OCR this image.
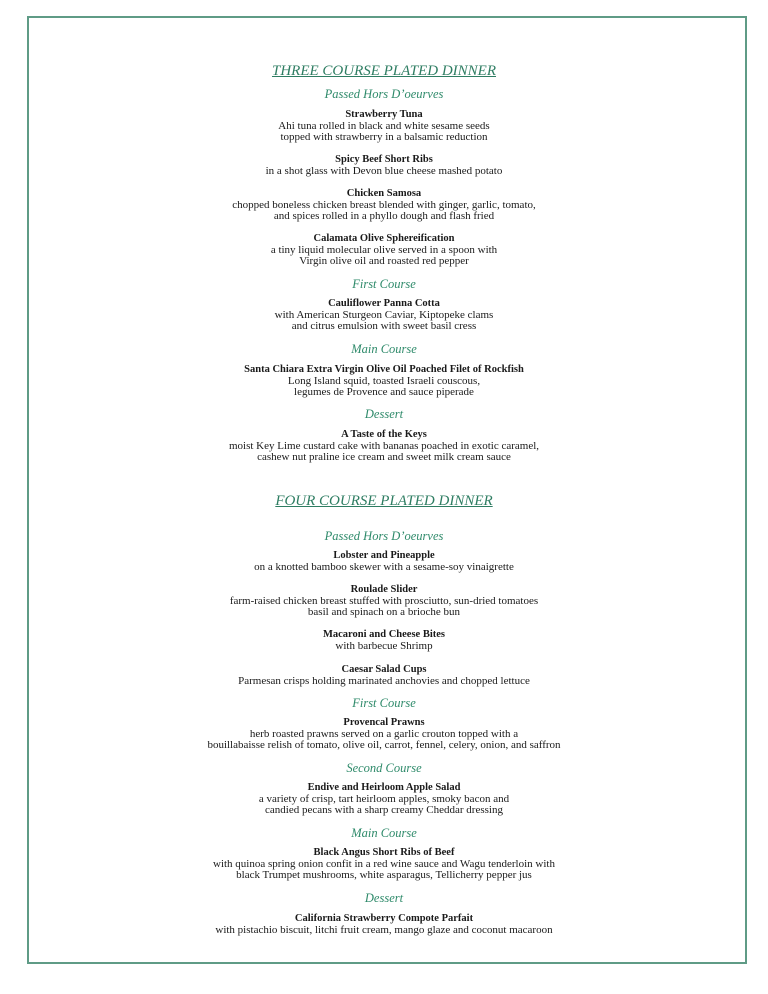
THREE COURSE PLATED DINNER
Passed Hors D’oeurves
Strawberry Tuna
Ahi tuna rolled in black and white sesame seeds
topped with strawberry in a balsamic reduction
Spicy Beef Short Ribs
in a shot glass with Devon blue cheese mashed potato
Chicken Samosa
chopped boneless chicken breast blended with ginger, garlic, tomato,
and spices rolled in a phyllo dough and flash fried
Calamata Olive Sphereification
a tiny liquid molecular olive served in a spoon with
Virgin olive oil and roasted red pepper
First Course
Cauliflower Panna Cotta
with American Sturgeon Caviar, Kiptopeke clams
and citrus emulsion with sweet basil cress
Main Course
Santa Chiara Extra Virgin Olive Oil Poached Filet of Rockfish
Long Island squid, toasted Israeli couscous,
legumes de Provence and sauce piperade
Dessert
A Taste of the Keys
moist Key Lime custard cake with bananas poached in exotic caramel,
cashew nut praline ice cream and sweet milk cream sauce
FOUR COURSE PLATED DINNER
Passed Hors D’oeurves
Lobster and Pineapple
on a knotted bamboo skewer with a sesame-soy vinaigrette
Roulade Slider
farm-raised chicken breast stuffed with prosciutto, sun-dried tomatoes
basil and spinach on a brioche bun
Macaroni and Cheese Bites
with barbecue Shrimp
Caesar Salad Cups
Parmesan crisps holding marinated anchovies and chopped lettuce
First Course
Provencal Prawns
herb roasted prawns served on a garlic crouton topped with a
bouillabaisse relish of tomato, olive oil, carrot, fennel, celery, onion, and saffron
Second Course
Endive and Heirloom Apple Salad
a variety of crisp, tart heirloom apples, smoky bacon and
candied pecans with a sharp creamy Cheddar dressing
Main Course
Black Angus Short Ribs of Beef
with quinoa spring onion confit in a red wine sauce and Wagu tenderloin with
black Trumpet mushrooms, white asparagus, Tellicherry pepper jus
Dessert
California Strawberry Compote Parfait
with pistachio biscuit, litchi fruit cream, mango glaze and coconut macaroon
